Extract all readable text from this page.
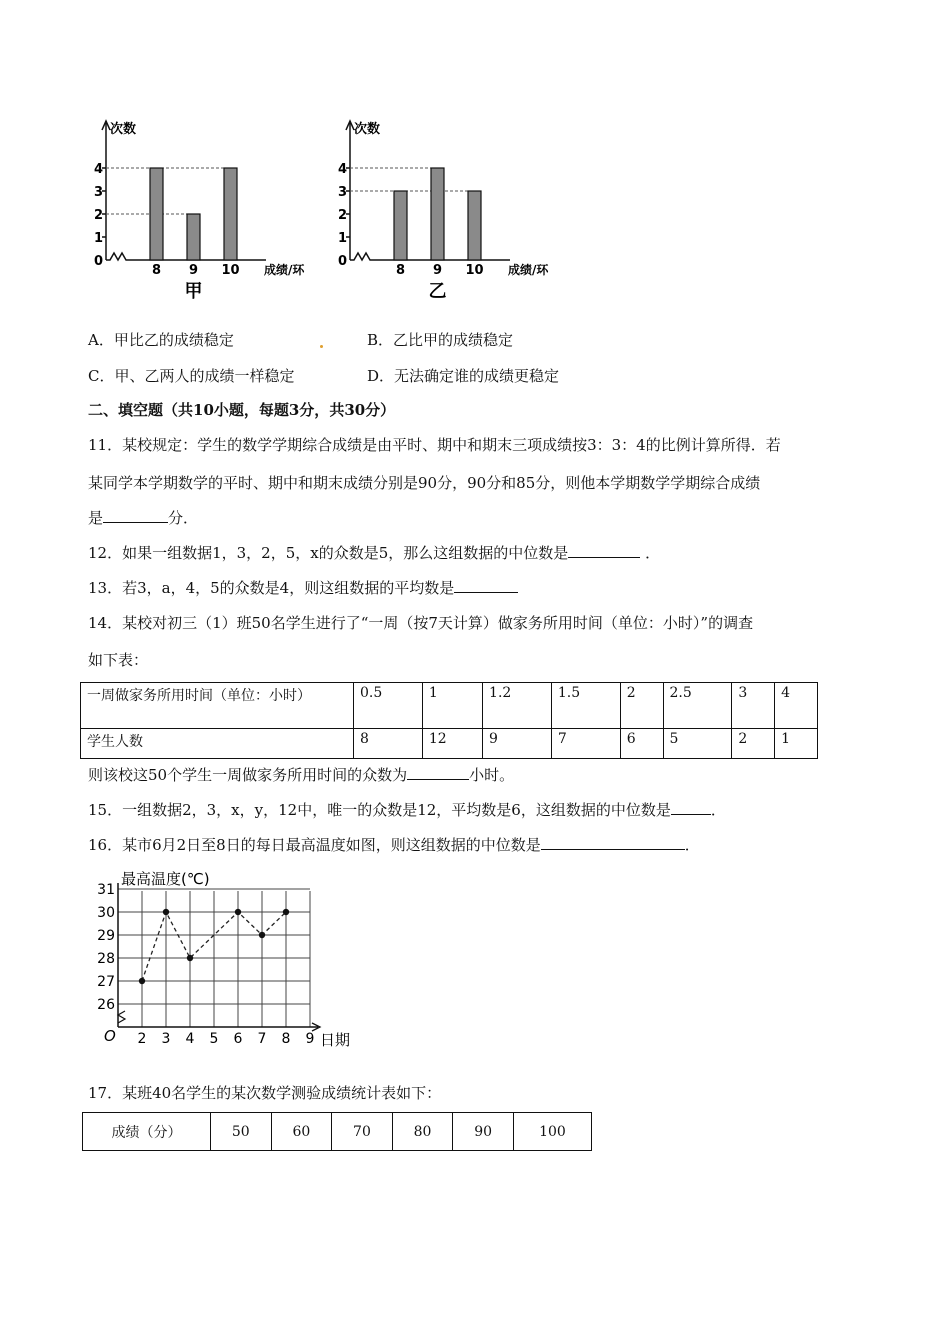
次数
成绩/环
0
1
2
3
4
8 9 10
甲
次数
成绩/环
0
1
2
3
4
8 9 10
乙
A．甲比乙的成绩稳定	B．乙比甲的成绩稳定
C．甲、乙两人的成绩一样稳定	D．无法确定谁的成绩更稳定
二、填空题（共10小题，每题3分，共30分）
11．某校规定：学生的数学学期综合成绩是由平时、期中和期末三项成绩按3：3：4的比例计算所得．若
某同学本学期数学的平时、期中和期末成绩分别是90分，90分和85分，则他本学期数学学期综合成绩
是	分．
12．如果一组数据1，3，2，5，x的众数是5，那么这组数据的中位数是	．
13．若3，a，4，5的众数是4，则这组数据的平均数是
14．某校对初三（1）班50名学生进行了“一周（按7天计算）做家务所用时间（单位：小时）”的调查
如下表：
一周做家务所用时间（单位：小时）	0.5	1	1.2	1.5	2	2.5	3	4
学生人数	8	12	9	7	6	5	2	1
则该校这50个学生一周做家务所用时间的众数为	小时。
15．一组数据2，3，x，y，12中，唯一的众数是12，平均数是6，这组数据的中位数是	．
16．某市6月2日至8日的每日最高温度如图，则这组数据的中位数是	．
最高温度(℃)
日期
O
26
27
28
29
30
31
2 3 4 5 6 7 8 9
17．某班40名学生的某次数学测验成绩统计表如下：
成绩（分）	50	60	70	80	90	100
